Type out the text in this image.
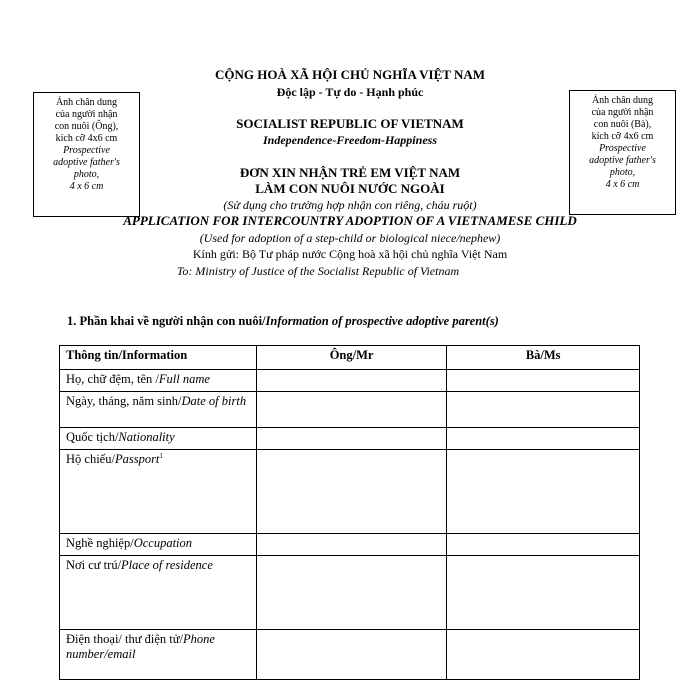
CỘNG HOÀ XÃ HỘI CHỦ NGHĨA VIỆT NAM
Độc lập - Tự do - Hạnh phúc
SOCIALIST REPUBLIC OF VIETNAM
Independence-Freedom-Happiness
Ảnh chân dung
của người nhận
con nuôi (Ông),
kích cỡ 4x6 cm
Prospective
adoptive father's
photo,
4 x 6 cm
Ảnh chân dung
của người nhận
con nuôi (Bà),
kích cỡ 4x6 cm
Prospective
adoptive father's
photo,
4 x 6 cm
ĐƠN XIN NHẬN TRẺ EM VIỆT NAM
LÀM CON NUÔI NƯỚC NGOÀI
(Sử dụng cho trường hợp nhận con riêng, cháu ruột)
APPLICATION FOR INTERCOUNTRY ADOPTION OF A VIETNAMESE CHILD
(Used for adoption of a step-child or biological niece/nephew)
Kính gửi: Bộ Tư pháp nước Cộng hoà xã hội chủ nghĩa Việt Nam
To: Ministry of Justice of the Socialist Republic of Vietnam
1. Phần khai về người nhận con nuôi/Information of prospective adoptive parent(s)
Thông tin/Information	Ông/Mr	Bà/Ms
Họ, chữ đệm, tên /Full name		
Ngày, tháng, năm sinh/Date of birth		
Quốc tịch/Nationality		
Hộ chiếu/Passport$^1$		
Nghề nghiệp/Occupation		
Nơi cư trú/Place of residence		
Điện thoại/ thư điện tử/Phone number/email		
